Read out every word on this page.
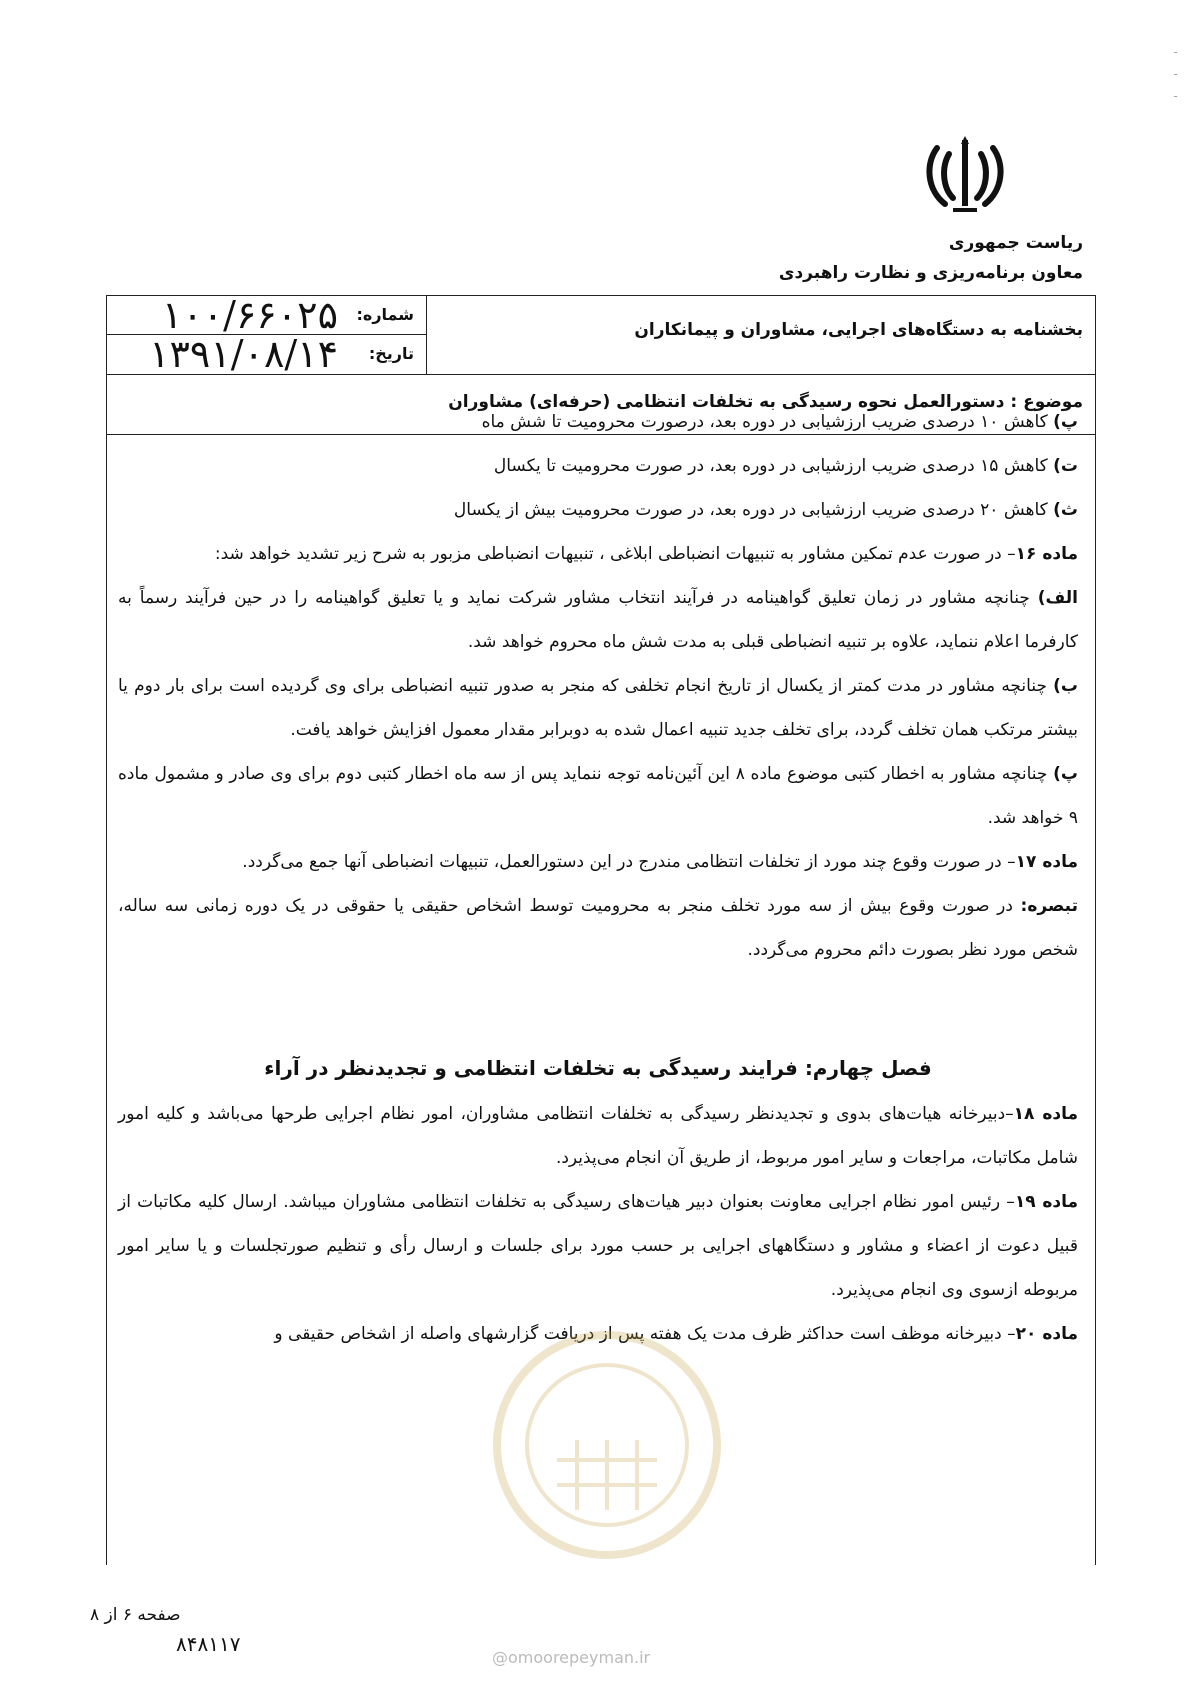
ریاست جمهوری
معاون برنامه‌ریزی و نظارت راهبردی
ـ
ـ
ـ
شماره:
۱۰۰/۶۶۰۲۵
تاریخ:
۱۳۹۱/۰۸/۱۴
بخشنامه به دستگاه‌های اجرایی، مشاوران و پیمانکاران
موضوع : دستورالعمل نحوه رسیدگی به تخلفات انتظامی (حرفه‌ای) مشاوران

پ) کاهش ۱۰ درصدی ضریب ارزشیابی در دوره بعد، درصورت محرومیت تا شش ماه

ت) کاهش ۱۵ درصدی ضریب ارزشیابی در دوره بعد، در صورت محرومیت تا یکسال

ث) کاهش ۲۰ درصدی ضریب ارزشیابی در دوره بعد، در صورت محرومیت بیش از یکسال

ماده ۱۶– در صورت عدم تمکین مشاور به تنبیهات انضباطی ابلاغی ، تنبیهات انضباطی مزبور به شرح زیر تشدید خواهد شد:

الف) چنانچه مشاور در زمان تعلیق گواهینامه در فرآیند انتخاب مشاور شرکت نماید و یا تعلیق گواهینامه را در حین فرآیند رسماً به کارفرما اعلام ننماید، علاوه بر تنبیه انضباطی قبلی به مدت شش ماه محروم خواهد شد.

ب) چنانچه مشاور در مدت کمتر از یکسال از تاریخ انجام تخلفی که منجر به صدور تنبیه انضباطی برای وی گردیده است برای بار دوم یا بیشتر مرتکب همان تخلف گردد، برای تخلف جدید تنبیه اعمال شده به دوبرابر مقدار معمول افزایش خواهد یافت.

پ) چنانچه مشاور به اخطار کتبی موضوع ماده ۸ این آئین‌نامه توجه ننماید پس از سه ماه اخطار کتبی دوم برای وی صادر و مشمول ماده ۹ خواهد شد.

ماده ۱۷– در صورت وقوع چند مورد از تخلفات انتظامی مندرج در این دستورالعمل، تنبیهات انضباطی آنها جمع می‌گردد.

تبصره: در صورت وقوع بیش از سه مورد تخلف منجر به محرومیت توسط اشخاص حقیقی یا حقوقی در یک دوره زمانی سه ساله، شخص مورد نظر بصورت دائم محروم می‌گردد.

فصل چهارم: فرایند رسیدگی به تخلفات انتظامی و تجدیدنظر در آراء

ماده ۱۸–دبیرخانه هیات‌های بدوی و تجدیدنظر رسیدگی به تخلفات انتظامی مشاوران، امور نظام اجرایی طرحها می‌باشد و کلیه امور شامل مکاتبات، مراجعات و سایر امور مربوط، از طریق آن انجام می‌پذیرد.

ماده ۱۹– رئیس امور نظام اجرایی معاونت بعنوان دبیر هیات‌های رسیدگی به تخلفات انتظامی مشاوران میباشد. ارسال کلیه مکاتبات از قبیل دعوت از اعضاء و مشاور و دستگاههای اجرایی بر حسب مورد برای جلسات و ارسال رأی و تنظیم صورتجلسات و یا سایر امور مربوطه ازسوی وی انجام می‌پذیرد.

ماده ۲۰– دبیرخانه موظف است حداکثر ظرف مدت یک هفته پس از دریافت گزارشهای واصله از اشخاص حقیقی و

صفحه ۶ از ۸
۸۴۸۱۱۷
@omoorepeyman.ir
